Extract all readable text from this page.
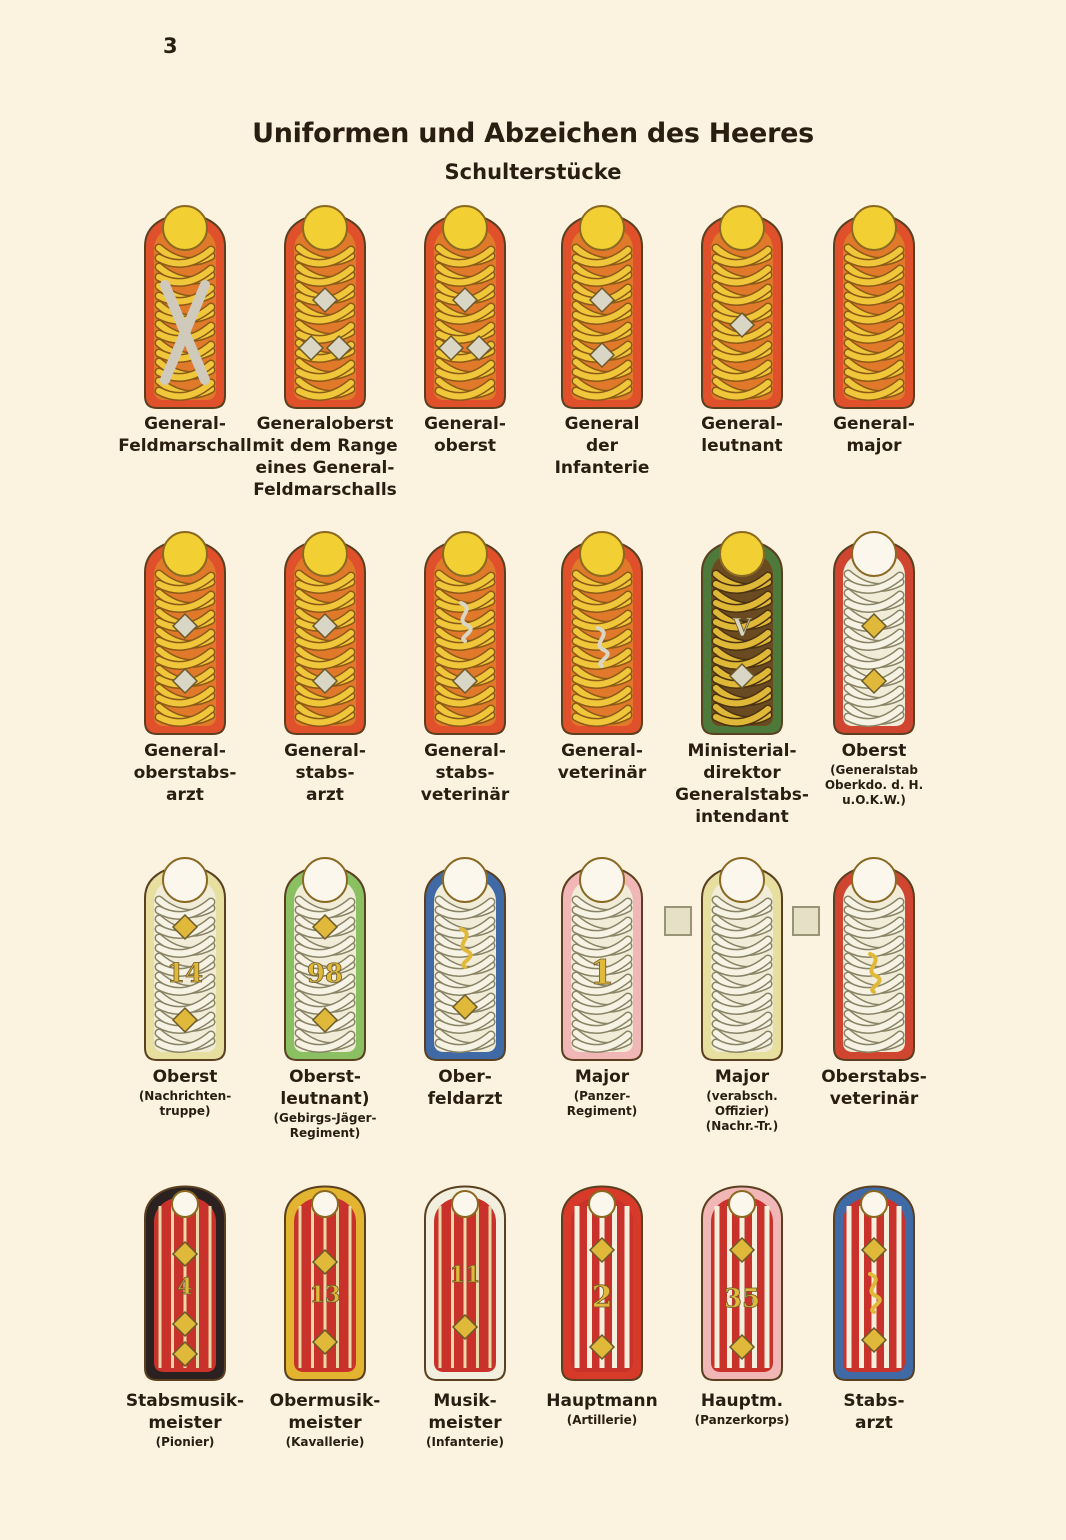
3
Uniformen und Abzeichen des Heeres
Schulterstücke
General-
Feldmarschall
Generaloberst
mit dem Range
eines General-
Feldmarschalls
General-
oberst
General
der
Infanterie
General-
leutnant
General-
major
General-
oberstabs-
arzt
General-
stabs-
arzt
General-
stabs-
veterinär
General-
veterinär
V
Ministerial-
direktor
Generalstabs-
intendant
Oberst
(Generalstab
Oberkdo. d. H.
u.O.K.W.)
14
Oberst
(Nachrichten-
truppe)
98
Oberst-
leutnant)
(Gebirgs-Jäger-
Regiment)
Ober-
feldarzt
1
Major
(Panzer-
Regiment)
Major
(verabsch.
Offizier)
(Nachr.-Tr.)
Oberstabs-
veterinär
4
Stabsmusik-
meister
(Pionier)
13
Obermusik-
meister
(Kavallerie)
11
Musik-
meister
(Infanterie)
2
Hauptmann
(Artillerie)
35
Hauptm.
(Panzerkorps)
Stabs-
arzt
